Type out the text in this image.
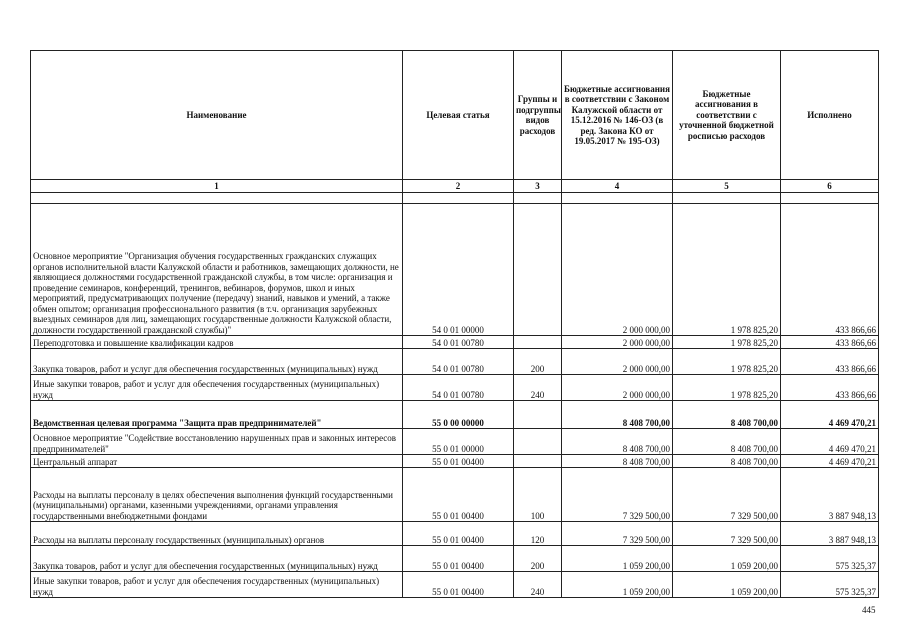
Наименование	Целевая статья	Группы и подгруппы видов расходов	Бюджетные ассигнования в соответствии с Законом Калужской области от 15.12.2016 № 146-ОЗ (в ред. Закона КО от 19.05.2017 № 195-ОЗ)	Бюджетные ассигнования в соответствии с уточненной бюджетной росписью расходов	Исполнено
1	2	3	4	5	6

Основное мероприятие "Организация обучения государственных гражданских служащих органов исполнительной власти Калужской области и работников, замещающих должности, не являющиеся должностями государственной гражданской службы, в том числе: организация и проведение семинаров, конференций, тренингов, вебинаров, форумов, школ и иных мероприятий, предусматривающих получение (передачу) знаний, навыков и умений, а также обмен опытом; организация профессионального развития (в т.ч. организация зарубежных выездных семинаров для лиц, замещающих государственные должности Калужской области, должности государственной гражданской службы)"	54 0 01 00000		2 000 000,00	1 978 825,20	433 866,66
Переподготовка и повышение квалификации кадров	54 0 01 00780		2 000 000,00	1 978 825,20	433 866,66
Закупка товаров, работ и услуг для обеспечения государственных (муниципальных) нужд	54 0 01 00780	200	2 000 000,00	1 978 825,20	433 866,66
Иные закупки товаров, работ и услуг для обеспечения государственных (муниципальных) нужд	54 0 01 00780	240	2 000 000,00	1 978 825,20	433 866,66
Ведомственная целевая программа "Защита прав предпринимателей"	55 0 00 00000		8 408 700,00	8 408 700,00	4 469 470,21
Основное мероприятие "Содействие восстановлению нарушенных прав и законных интересов предпринимателей"	55 0 01 00000		8 408 700,00	8 408 700,00	4 469 470,21
Центральный аппарат	55 0 01 00400		8 408 700,00	8 408 700,00	4 469 470,21
Расходы на выплаты персоналу в целях обеспечения выполнения функций государственными (муниципальными) органами, казенными учреждениями, органами управления государственными внебюджетными фондами	55 0 01 00400	100	7 329 500,00	7 329 500,00	3 887 948,13
Расходы на выплаты персоналу государственных (муниципальных) органов	55 0 01 00400	120	7 329 500,00	7 329 500,00	3 887 948,13
Закупка товаров, работ и услуг для обеспечения государственных (муниципальных) нужд	55 0 01 00400	200	1 059 200,00	1 059 200,00	575 325,37
Иные закупки товаров, работ и услуг для обеспечения государственных (муниципальных) нужд	55 0 01 00400	240	1 059 200,00	1 059 200,00	575 325,37
445
